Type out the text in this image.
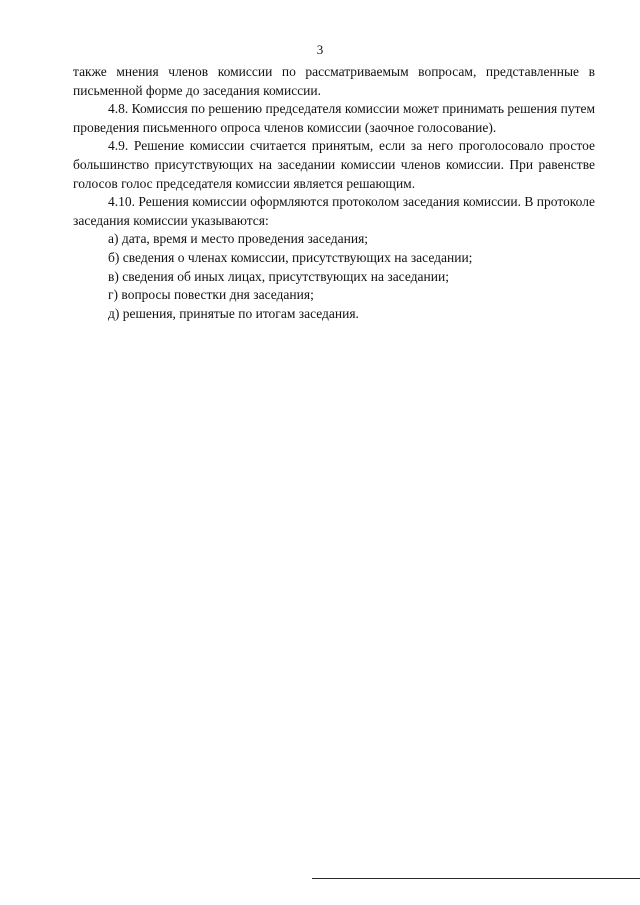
3

также мнения членов комиссии по рассматриваемым вопросам, представленные в письменной форме до заседания комиссии.

4.8. Комиссия по решению председателя комиссии может принимать решения путем проведения письменного опроса членов комиссии (заочное голосование).

4.9. Решение комиссии считается принятым, если за него проголосовало простое большинство присутствующих на заседании комиссии членов комиссии. При равенстве голосов голос председателя комиссии является решающим.

4.10. Решения комиссии оформляются протоколом заседания комиссии. В протоколе заседания комиссии указываются:

а) дата, время и место проведения заседания;
б) сведения о членах комиссии, присутствующих на заседании;
в) сведения об иных лицах, присутствующих на заседании;
г) вопросы повестки дня заседания;
д) решения, принятые по итогам заседания.
